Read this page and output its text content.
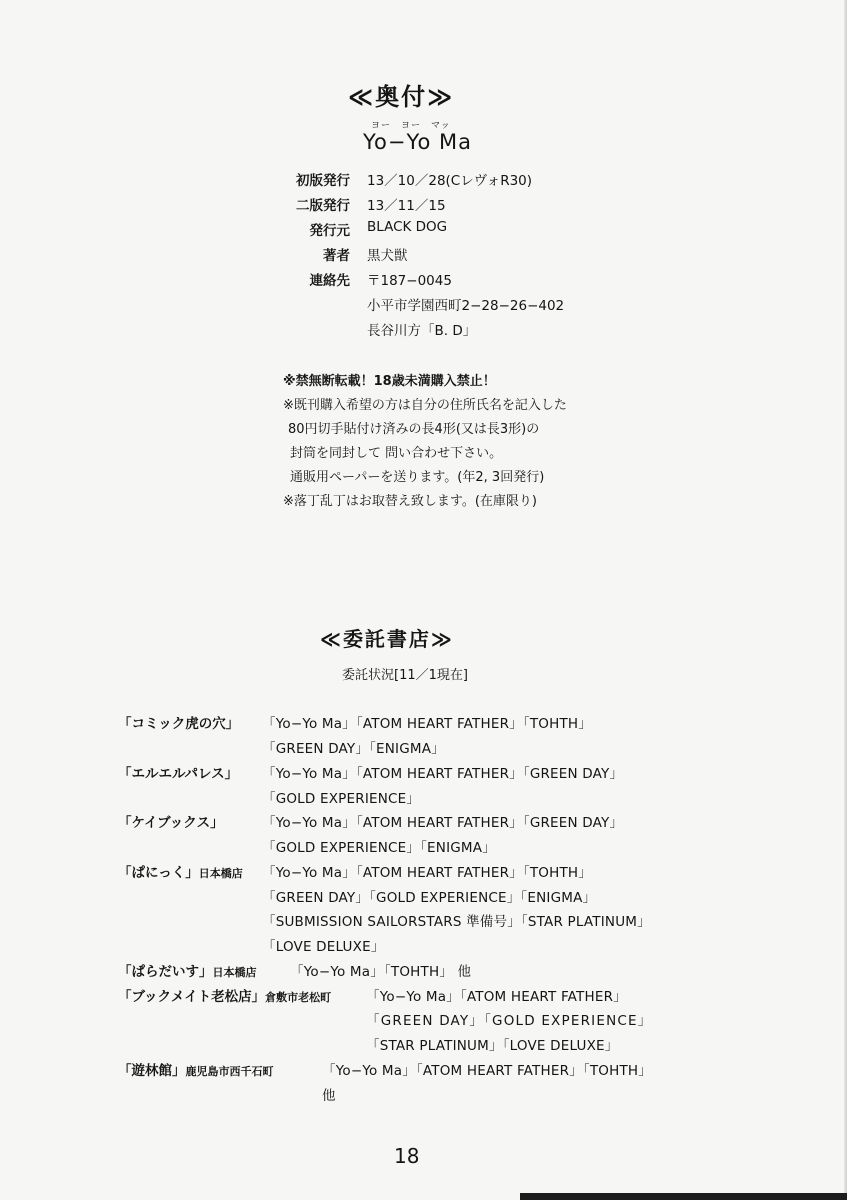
≪奥付≫
ヨー　ヨー　マッ
Yo−Yo Ma
初版発行 13／10／28(CレヴォR30)
二版発行 13／11／15
発行元 BLACK DOG
著者 黒犬獣
連絡先 〒187−0045
小平市学園西町2−28−26−402
長谷川方「B. D」
※禁無断転載！18歳未満購入禁止！
※既刊購入希望の方は自分の住所氏名を記入した
80円切手貼付け済みの長4形(又は長3形)の
封筒を同封して 問い合わせ下さい。
通販用ペーパーを送ります。(年2, 3回発行)
※落丁乱丁はお取替え致します。(在庫限り)
≪委託書店≫
委託状況[11／1現在]
「コミック虎の穴」 「Yo−Yo Ma」「ATOM HEART FATHER」「TOHTH」
「GREEN DAY」「ENIGMA」
「エルエルパレス」 「Yo−Yo Ma」「ATOM HEART FATHER」「GREEN DAY」
「GOLD EXPERIENCE」
「ケイブックス」	「Yo−Yo Ma」「ATOM HEART FATHER」「GREEN DAY」
「GOLD EXPERIENCE」「ENIGMA」
「ぱにっく」日本橋店 「Yo−Yo Ma」「ATOM HEART FATHER」「TOHTH」
「GREEN DAY」「GOLD EXPERIENCE」「ENIGMA」
「SUBMISSION SAILORSTARS 準備号」「STAR PLATINUM」
「LOVE DELUXE」
「ぱらだいす」日本橋店 「Yo−Yo Ma」「TOHTH」 他
「ブックメイト老松店」倉敷市老松町	「Yo−Yo Ma」「ATOM HEART FATHER」
「GREEN DAY」「GOLD EXPERIENCE」
「STAR PLATINUM」「LOVE DELUXE」
「遊林館」鹿児島市西千石町	「Yo−Yo Ma」「ATOM HEART FATHER」「TOHTH」
他
18
